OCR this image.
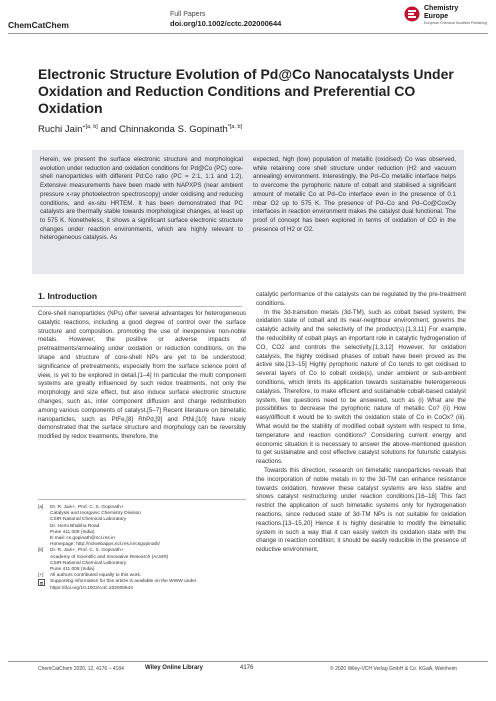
ChemCatChem
Full Papers
doi.org/10.1002/cctc.202000644
Chemistry
Europe
European Chemical Societies Publishing
Electronic Structure Evolution of Pd@Co Nanocatalysts Under Oxidation and Reduction Conditions and Preferential CO Oxidation
Ruchi Jain$^{+[a, b]}$ and Chinnakonda S. Gopinath$^{*[a, b]}$
Herein, we present the surface electronic structure and morphological evolution under reduction and oxidation conditions for Pd@Co (PC) core-shell nanoparticles with different Pd:Co ratio (PC = 2:1, 1:1 and 1:2). Extensive measurements have been made with NAPXPS (near ambient pressure x-ray photoelectron spectroscopy) under oxidising and reducing conditions, and ex-situ HRTEM. It has been demonstrated that PC catalysts are thermally stable towards morphological changes, at least up to 575 K. Nonetheless, it shows a significant surface electronic structure changes under reaction environments, which are highly relevant to heterogeneous catalysis. As
expected, high (low) population of metallic (oxidised) Co was observed, while retaining core shell structure under reduction (H2 and vacuum annealing) environment. Interestingly, the Pd–Co metallic interface helps to overcome the pyrophoric nature of cobalt and stabilised a significant amount of metallic Co at Pd–Co interface even in the presence of 0.1 mbar O2 up to 575 K. The presence of Pd–Co and Pd–Co@CoxOy interfaces in reaction environment makes the catalyst dual functional. The proof of concept has been explored in terms of oxidation of CO in the presence of H2 or O2.
1. Introduction

Core-shell nanoparticles (NPs) offer several advantages for heterogeneous catalytic reactions, including a good degree of control over the surface structure and composition, promoting the use of inexpensive non-noble metals. However, the positive or adverse impacts of pretreatments/annealing under oxidation or reduction conditions, on the shape and structure of core-shell NPs are yet to be understood; significance of pretreatments, especially from the surface science point of view, is yet to be explored in detail.[1–4] In particular the multi component systems are greatly influenced by such redox treatments, not only the morphology and size effect, but also induce surface electronic structure changes, such as, inter component diffusion and charge redistribution among various components of catalyst.[5–7] Recent literature on bimetallic nanoparticles, such as PtFe,[8] RhPd,[9] and PtNi,[10] have nicely demonstrated that the surface structure and morphology can be reversibly modified by redox treatments, therefore, the

catalytic performance of the catalysts can be regulated by the pre-treatment conditions.

In the 3d-transition metals (3d-TM), such as cobalt based system, the oxidation state of cobalt and its near-neighbour environment, governs the catalytic activity and the selectivity of the product(s).[1,3,11] For example, the reducibility of cobalt plays an important role in catalytic hydrogenation of CO, CO2 and controls the selectivity.[1,3,12] However, for oxidation catalysis, the highly oxidised phases of cobalt have been proved as the active site.[13–15] Highly pyrophoric nature of Co tends to get oxidised to several layers of Co to cobalt oxide(s), under ambient or sub-ambient conditions, which limits its application towards sustainable heterogeneous catalysis. Therefore, to make efficient and sustainable cobalt-based catalyst system, few questions need to be answered, such as (i) What are the possibilities to decrease the pyrophoric nature of metallic Co? (ii) How easy/difficult it would be to switch the oxidation state of Co in CoOx? (iii). What would be the stability of modified cobalt system with respect to time, temperature and reaction conditions? Considering current energy and economic situation it is necessary to answer the above-mentioned question to get sustainable and cost effective catalyst solutions for futuristic catalysis reactions.

Towards this direction, research on bimetallic nanoparticles reveals that the incorporation of noble metals in to the 3d-TM can enhance resistance towards oxidation, however these catalyst systems are less stable and shows catalyst restructuring under reaction conditions.[16–18] This fact restrict the application of such bimetallic systems only for hydrogenation reactions, since reduced state of 3d-TM NPs is not suitable for oxidation reactions.[13–15,20] Hence it is highly desirable to modify the bimetallic system in such a way that it can easily switch its oxidation state with the change in reaction condition; it should be easily reducible in the presence of reductive environment,

[a]	Dr. R. Jain+, Prof. C. S. Gopinath+
Catalysis and Inorganic Chemistry Division
CSIR-National Chemical Laboratory
Dr. Homi Bhabha Road
Pune 411 008 (India)
E-mail: cs.gopinath@ncl.res.in
Homepage: http://nclwebapps.ncl.res.in/csgopinath/
[b]	Dr. R. Jain+, Prof. C. S. Gopinath+
Academy of Scientific and Innovative Research (AcSIR)
CSIR-National Chemical Laboratory
Pune 411 008 (India)
[+]	All authors contributed equally to this work.
Supporting information for this article is available on the WWW under https://doi.org/10.1002/cctc.202000644
ChemCatChem 2020, 12, 4176 – 4184	Wiley Online Library	4176	© 2020 Wiley-VCH Verlag GmbH & Co. KGaA, Weinheim
